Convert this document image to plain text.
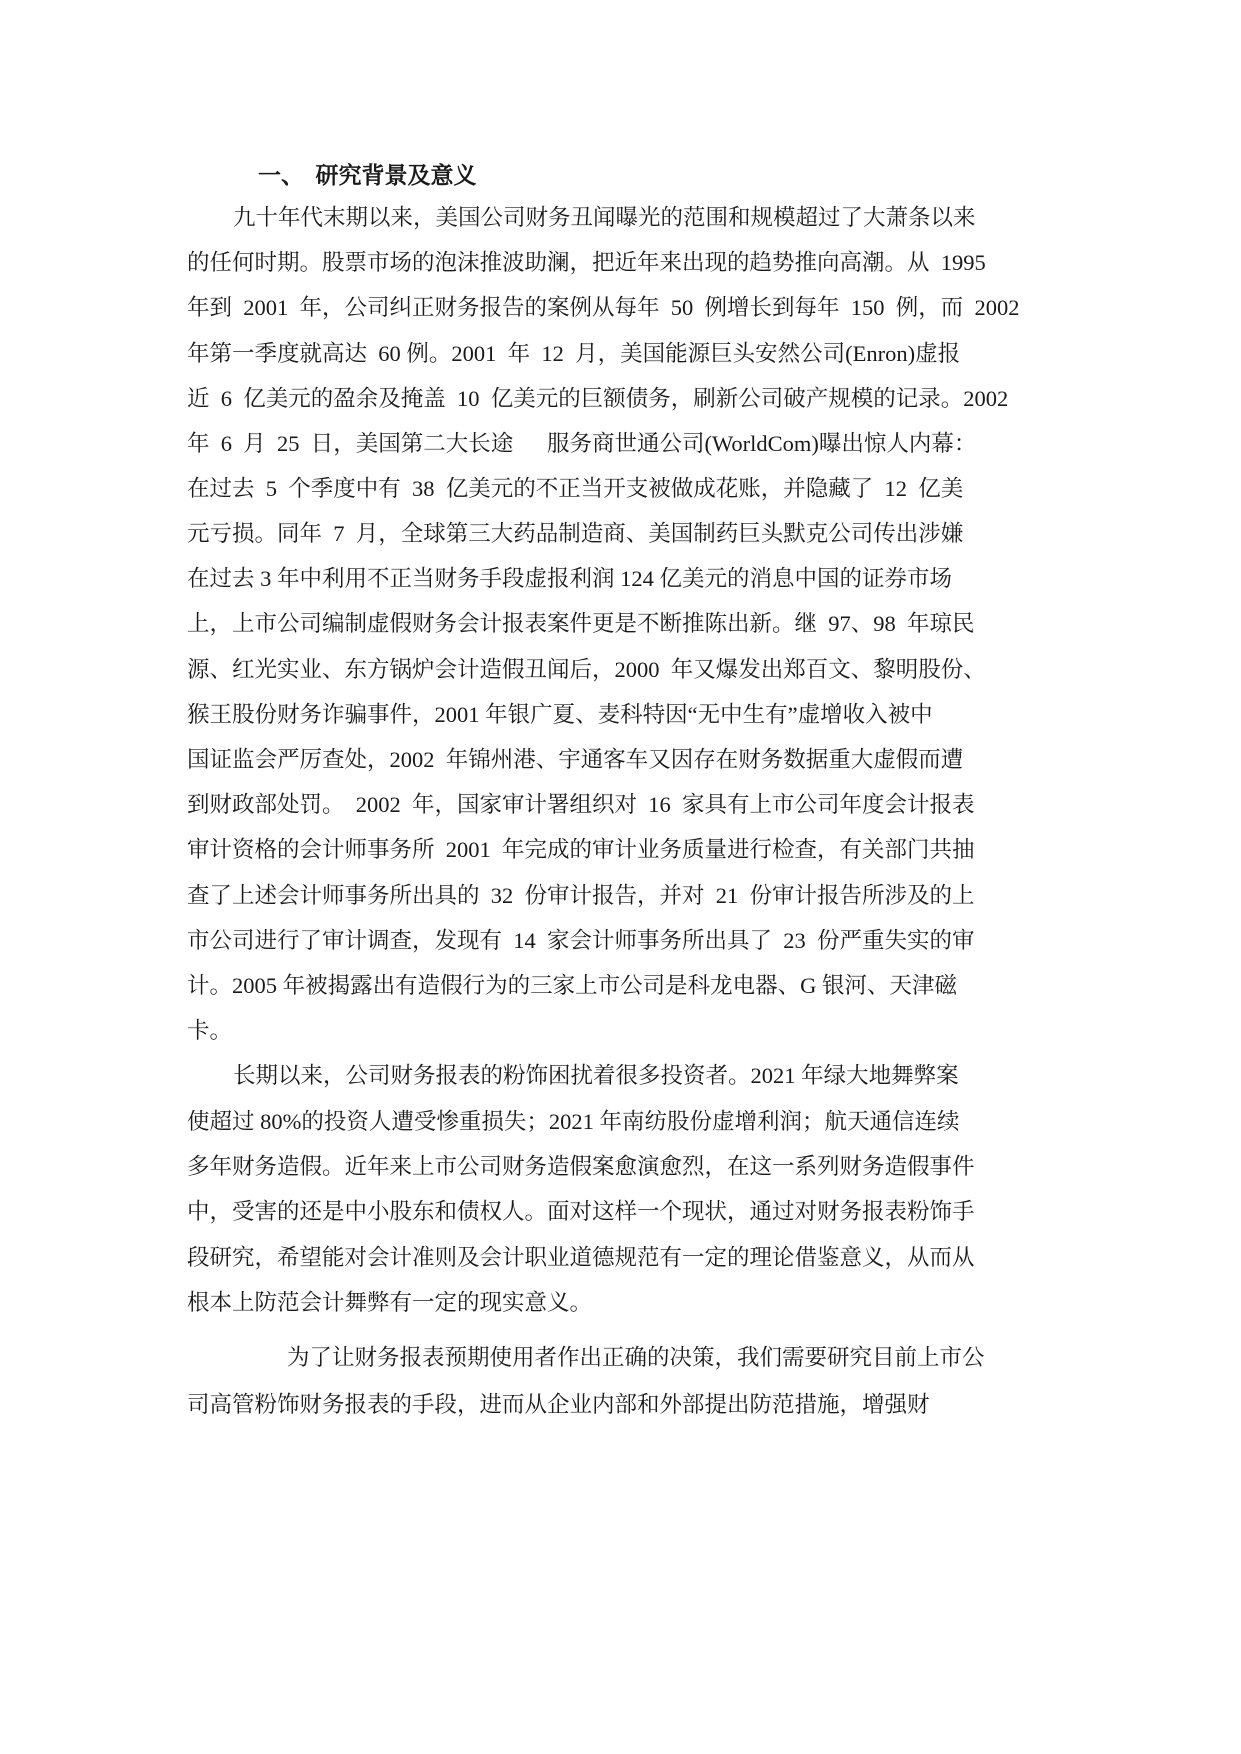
一、  研究背景及意义
九十年代末期以来，美国公司财务丑闻曝光的范围和规模超过了大萧条以来
的任何时期。股票市场的泡沫推波助澜，把近年来出现的趋势推向高潮。从  1995
年到  2001  年，公司纠正财务报告的案例从每年  50  例增长到每年  150  例，而  2002
年第一季度就高达  60 例。2001  年  12  月，美国能源巨头安然公司(Enron)虚报
近  6  亿美元的盈余及掩盖  10  亿美元的巨额债务，刷新公司破产规模的记录。2002
年  6  月  25  日，美国第二大长途      服务商世通公司(WorldCom)曝出惊人内幕：
在过去  5  个季度中有  38  亿美元的不正当开支被做成花账，并隐藏了  12  亿美
元亏损。同年  7  月，全球第三大药品制造商、美国制药巨头默克公司传出涉嫌
在过去 3 年中利用不正当财务手段虚报利润 124 亿美元的消息中国的证券市场
上，上市公司编制虚假财务会计报表案件更是不断推陈出新。继  97、98  年琼民
源、红光实业、东方锅炉会计造假丑闻后，2000  年又爆发出郑百文、黎明股份、
猴王股份财务诈骗事件，2001 年银广夏、麦科特因“无中生有”虚增收入被中
国证监会严厉查处，2002  年锦州港、宇通客车又因存在财务数据重大虚假而遭
到财政部处罚。  2002  年，国家审计署组织对  16  家具有上市公司年度会计报表
审计资格的会计师事务所  2001  年完成的审计业务质量进行检查，有关部门共抽
查了上述会计师事务所出具的  32  份审计报告，并对  21  份审计报告所涉及的上
市公司进行了审计调查，发现有  14  家会计师事务所出具了  23  份严重失实的审
计。2005 年被揭露出有造假行为的三家上市公司是科龙电器、G 银河、天津磁
卡。
长期以来，公司财务报表的粉饰困扰着很多投资者。2021 年绿大地舞弊案
使超过 80%的投资人遭受惨重损失；2021 年南纺股份虚增利润；航天通信连续
多年财务造假。近年来上市公司财务造假案愈演愈烈，在这一系列财务造假事件
中，受害的还是中小股东和债权人。面对这样一个现状，通过对财务报表粉饰手
段研究，希望能对会计准则及会计职业道德规范有一定的理论借鉴意义，从而从
根本上防范会计舞弊有一定的现实意义。
为了让财务报表预期使用者作出正确的决策，我们需要研究目前上市公
司高管粉饰财务报表的手段，进而从企业内部和外部提出防范措施，增强财
